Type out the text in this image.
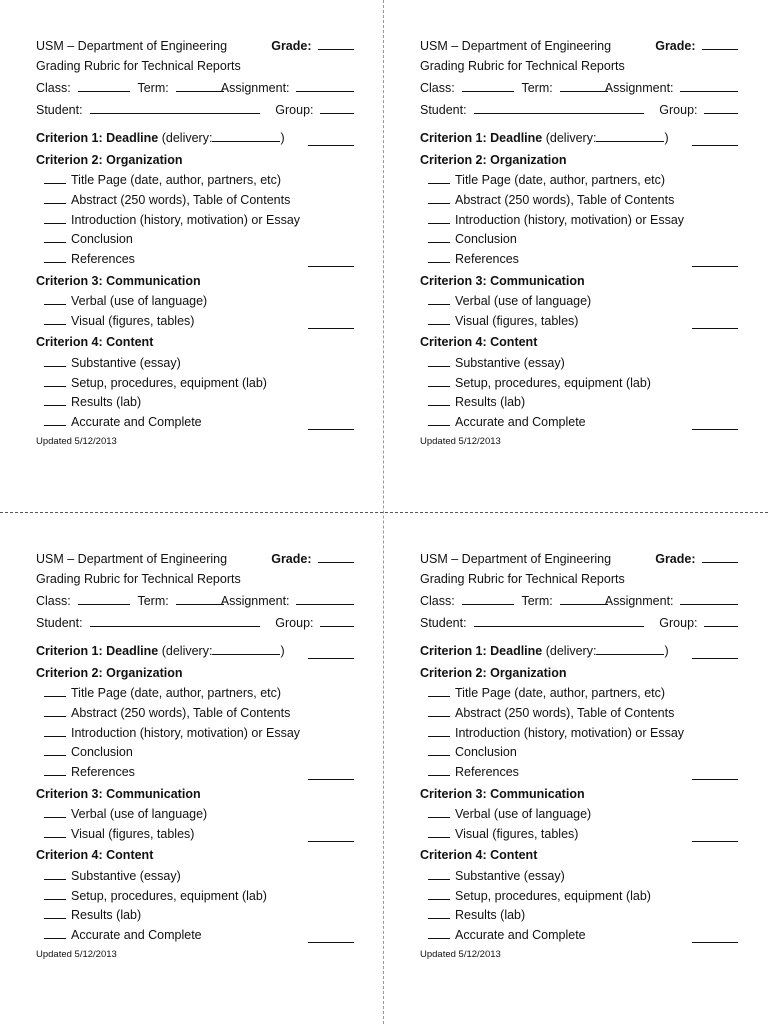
USM – Department of Engineering	Grade:
Grading Rubric for Technical Reports
Class:	Term:	Assignment:
Student:	Group:
Criterion 1: Deadline (delivery:	)
Criterion 2: Organization
Title Page (date, author, partners, etc)
Abstract (250 words), Table of Contents
Introduction (history, motivation) or Essay
Conclusion
References
Criterion 3: Communication
Verbal (use of language)
Visual (figures, tables)
Criterion 4: Content
Substantive (essay)
Setup, procedures, equipment (lab)
Results (lab)
Accurate and Complete
Updated 5/12/2013
USM – Department of Engineering	Grade:
Grading Rubric for Technical Reports
Class:	Term:	Assignment:
Student:	Group:
Criterion 1: Deadline (delivery:	)
Criterion 2: Organization
Title Page (date, author, partners, etc)
Abstract (250 words), Table of Contents
Introduction (history, motivation) or Essay
Conclusion
References
Criterion 3: Communication
Verbal (use of language)
Visual (figures, tables)
Criterion 4: Content
Substantive (essay)
Setup, procedures, equipment (lab)
Results (lab)
Accurate and Complete
Updated 5/12/2013
USM – Department of Engineering	Grade:
Grading Rubric for Technical Reports
Class:	Term:	Assignment:
Student:	Group:
Criterion 1: Deadline (delivery:	)
Criterion 2: Organization
Title Page (date, author, partners, etc)
Abstract (250 words), Table of Contents
Introduction (history, motivation) or Essay
Conclusion
References
Criterion 3: Communication
Verbal (use of language)
Visual (figures, tables)
Criterion 4: Content
Substantive (essay)
Setup, procedures, equipment (lab)
Results (lab)
Accurate and Complete
Updated 5/12/2013
USM – Department of Engineering	Grade:
Grading Rubric for Technical Reports
Class:	Term:	Assignment:
Student:	Group:
Criterion 1: Deadline (delivery:	)
Criterion 2: Organization
Title Page (date, author, partners, etc)
Abstract (250 words), Table of Contents
Introduction (history, motivation) or Essay
Conclusion
References
Criterion 3: Communication
Verbal (use of language)
Visual (figures, tables)
Criterion 4: Content
Substantive (essay)
Setup, procedures, equipment (lab)
Results (lab)
Accurate and Complete
Updated 5/12/2013
